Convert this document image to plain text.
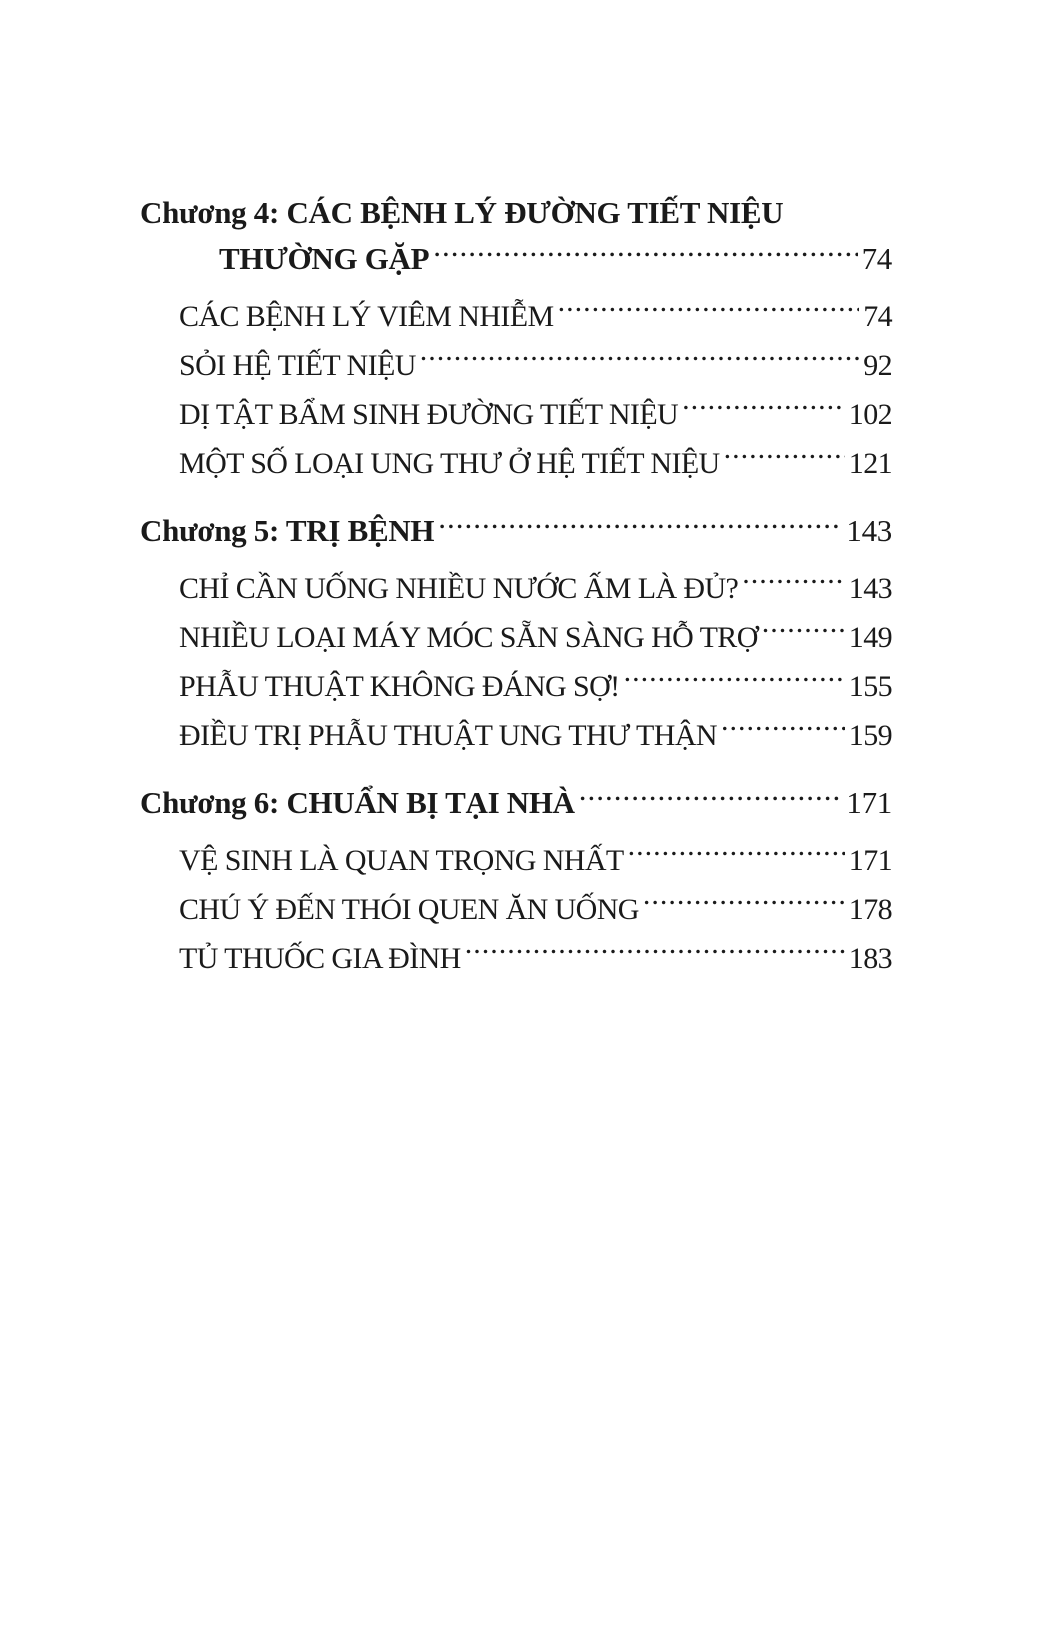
Chương 4: CÁC BỆNH LÝ ĐƯỜNG TIẾT NIỆU
THƯỜNG GẶP .....	74
CÁC BỆNH LÝ VIÊM NHIỄM .....	74
SỎI HỆ TIẾT NIỆU .....	92
DỊ TẬT BẨM SINH ĐƯỜNG TIẾT NIỆU .....	102
MỘT SỐ LOẠI UNG THƯ Ở HỆ TIẾT NIỆU .....	121
Chương 5: TRỊ BỆNH .....	143
CHỈ CẦN UỐNG NHIỀU NƯỚC ẤM LÀ ĐỦ? .....	143
NHIỀU LOẠI MÁY MÓC SẴN SÀNG HỖ TRỢ .....	149
PHẪU THUẬT KHÔNG ĐÁNG SỢ! .....	155
ĐIỀU TRỊ PHẪU THUẬT UNG THƯ THẬN .....	159
Chương 6: CHUẨN BỊ TẠI NHÀ .....	171
VỆ SINH LÀ QUAN TRỌNG NHẤT .....	171
CHÚ Ý ĐẾN THÓI QUEN ĂN UỐNG .....	178
TỦ THUỐC GIA ĐÌNH .....	183
